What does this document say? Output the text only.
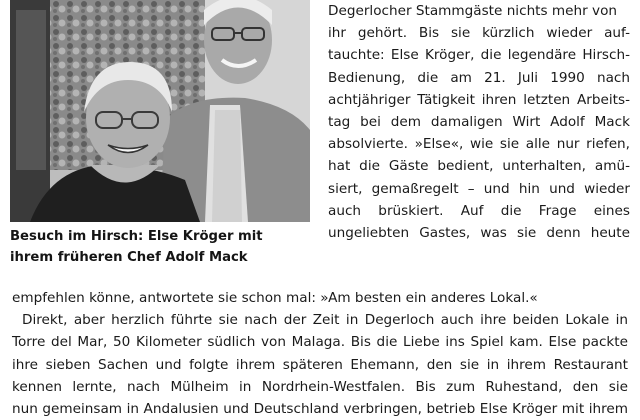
Besuch im Hirsch: Else Kröger mit
ihrem früheren Chef Adolf Mack
Degerlocher Stammgäste nichts mehr von
ihr gehört. Bis sie kürzlich wieder auf-
tauchte: Else Kröger, die legendäre Hirsch-
Bedienung, die am 21. Juli 1990 nach
achtjähriger Tätigkeit ihren letzten Arbeits-
tag bei dem damaligen Wirt Adolf Mack
absolvierte. »Else«, wie sie alle nur riefen,
hat die Gäste bedient, unterhalten, amü-
siert, gemaßregelt – und hin und wieder
auch brüskiert. Auf die Frage eines
ungeliebten Gastes, was sie denn heute
empfehlen könne, antwortete sie schon mal: »Am besten ein anderes Lokal.«
Direkt, aber herzlich führte sie nach der Zeit in Degerloch auch ihre beiden Lokale in
Torre del Mar, 50 Kilometer südlich von Malaga. Bis die Liebe ins Spiel kam. Else packte
ihre sieben Sachen und folgte ihrem späteren Ehemann, den sie in ihrem Restaurant
kennen lernte, nach Mülheim in Nordrhein-Westfalen. Bis zum Ruhestand, den sie
nun gemeinsam in Andalusien und Deutschland verbringen, betrieb Else Kröger mit ihrem
